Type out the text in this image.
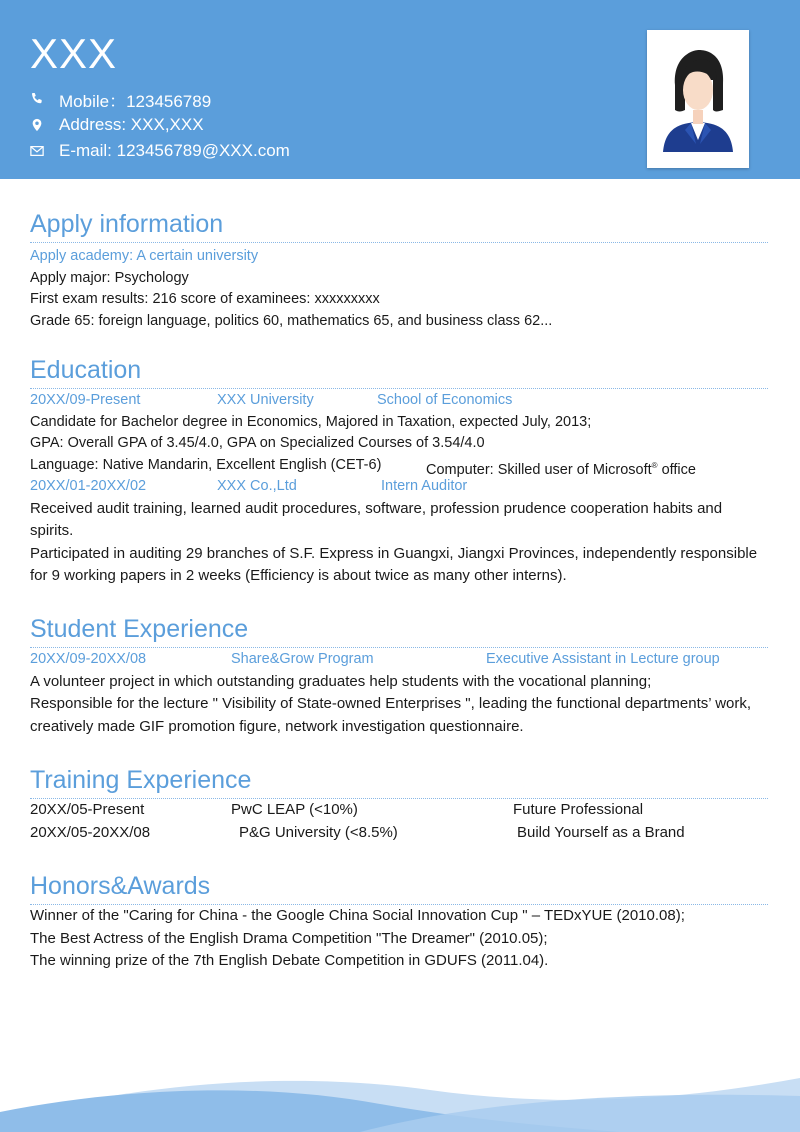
XXX
Mobile：123456789
Address: XXX,XXX
E-mail: 123456789@XXX.com
Apply information

Apply academy: A certain university

Apply major: Psychology

First exam results: 216 score of examinees: xxxxxxxxx

Grade 65: foreign language, politics 60, mathematics 65, and business class 62...

Education
20XX/09-Present	XXX University	School of Economics

Candidate for Bachelor degree in Economics, Majored in Taxation, expected July, 2013;

GPA: Overall GPA of 3.45/4.0, GPA on Specialized Courses of 3.54/4.0

Language: Native Mandarin, Excellent English (CET-6)	Computer: Skilled user of Microsoft® office
20XX/01-20XX/02	XXX Co.,Ltd	Intern Auditor

Received audit training, learned audit procedures, software, profession prudence cooperation habits and

spirits.

Participated in auditing 29 branches of S.F. Express in Guangxi, Jiangxi Provinces, independently responsible

for 9 working papers in 2 weeks (Efficiency is about twice as many other interns).

Student Experience
20XX/09-20XX/08	Share&Grow Program	Executive Assistant in Lecture group

A volunteer project in which outstanding graduates help students with the vocational planning;

Responsible for the lecture " Visibility of State-owned Enterprises ", leading the functional departments’ work,

creatively made GIF promotion figure, network investigation questionnaire.

Training Experience
20XX/05-Present	PwC LEAP (<10%)	Future Professional
20XX/05-20XX/08	P&G University (<8.5%)	Build Yourself as a Brand
Honors&Awards

Winner of the "Caring for China - the Google China Social Innovation Cup " – TEDxYUE (2010.08);

The Best Actress of the English Drama Competition "The Dreamer" (2010.05);

The winning prize of the 7th English Debate Competition in GDUFS (2011.04).
